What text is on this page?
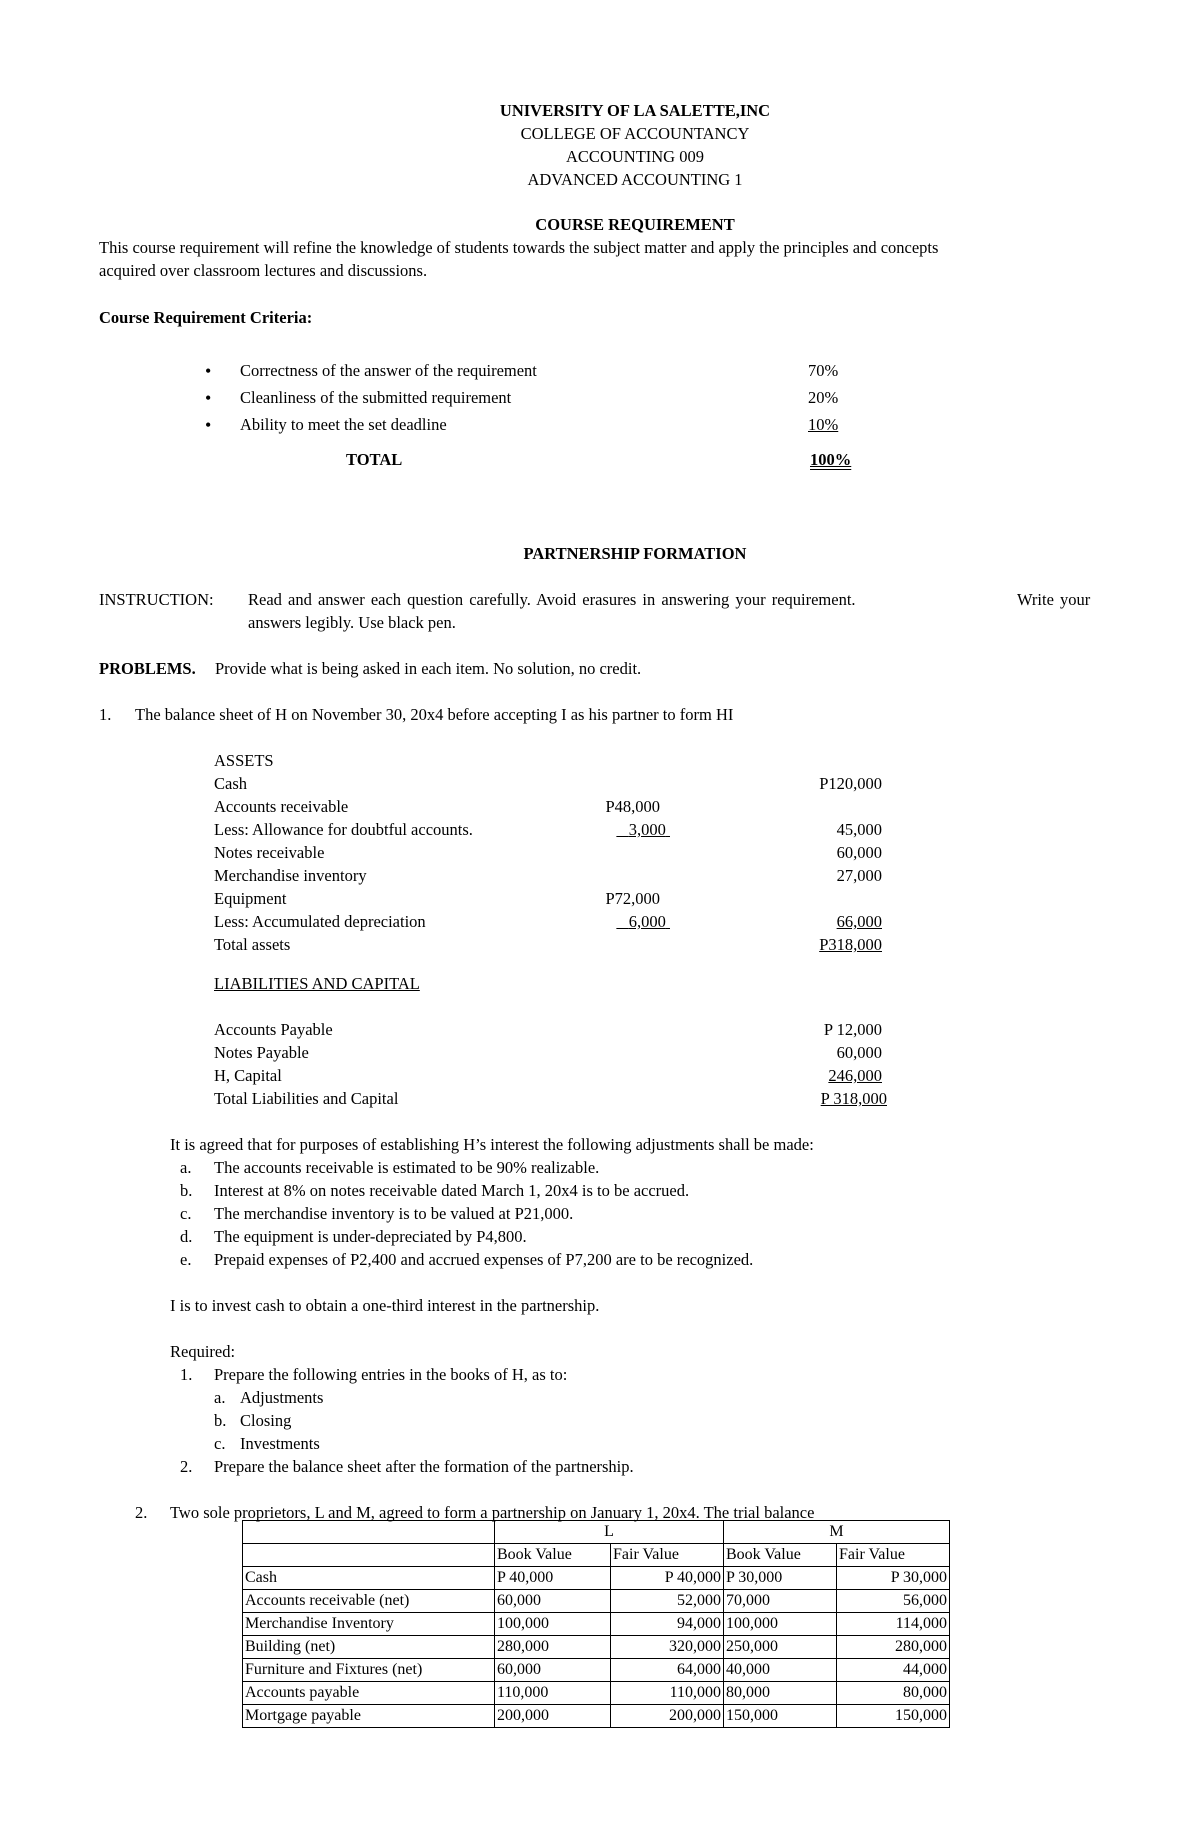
UNIVERSITY OF LA SALETTE,INC
COLLEGE OF ACCOUNTANCY
ACCOUNTING 009
ADVANCED ACCOUNTING 1
COURSE REQUIREMENT
This course requirement will refine the knowledge of students towards the subject matter and apply the principles and concepts
acquired over classroom lectures and discussions.
Course Requirement Criteria:
• Correctness of the answer of the requirement	70%
• Cleanliness of the submitted requirement	20%
• Ability to meet the set deadline	10%
TOTAL	100%
PARTNERSHIP FORMATION
INSTRUCTION: Read and answer each question carefully. Avoid erasures in answering your requirement.	Write your
answers legibly. Use black pen.
PROBLEMS. Provide what is being asked in each item. No solution, no credit.
1. The balance sheet of H on November 30, 20x4 before accepting I as his partner to form HI
ASSETS
Cash	P120,000
Accounts receivable	P48,000
Less: Allowance for doubtful accounts.	3,000	45,000
Notes receivable	60,000
Merchandise inventory	27,000
Equipment	P72,000
Less: Accumulated depreciation	6,000	66,000
Total assets	P318,000
LIABILITIES AND CAPITAL
Accounts Payable	P 12,000
Notes Payable	60,000
H, Capital	246,000
Total Liabilities and Capital	P 318,000
It is agreed that for purposes of establishing H’s interest the following adjustments shall be made:
a. The accounts receivable is estimated to be 90% realizable.
b. Interest at 8% on notes receivable dated March 1, 20x4 is to be accrued.
c. The merchandise inventory is to be valued at P21,000.
d. The equipment is under-depreciated by P4,800.
e. Prepaid expenses of P2,400 and accrued expenses of P7,200 are to be recognized.
I is to invest cash to obtain a one-third interest in the partnership.
Required:
1. Prepare the following entries in the books of H, as to:
a. Adjustments
b. Closing
c. Investments
2. Prepare the balance sheet after the formation of the partnership.
2. Two sole proprietors, L and M, agreed to form a partnership on January 1, 20x4. The trial balance
	L		M	
	Book Value	Fair Value	Book Value	Fair Value
Cash	P 40,000	P 40,000	P 30,000	P 30,000
Accounts receivable (net)	60,000	52,000	70,000	56,000
Merchandise Inventory	100,000	94,000	100,000	114,000
Building (net)	280,000	320,000	250,000	280,000
Furniture and Fixtures (net)	60,000	64,000	40,000	44,000
Accounts payable	110,000	110,000	80,000	80,000
Mortgage payable	200,000	200,000	150,000	150,000
